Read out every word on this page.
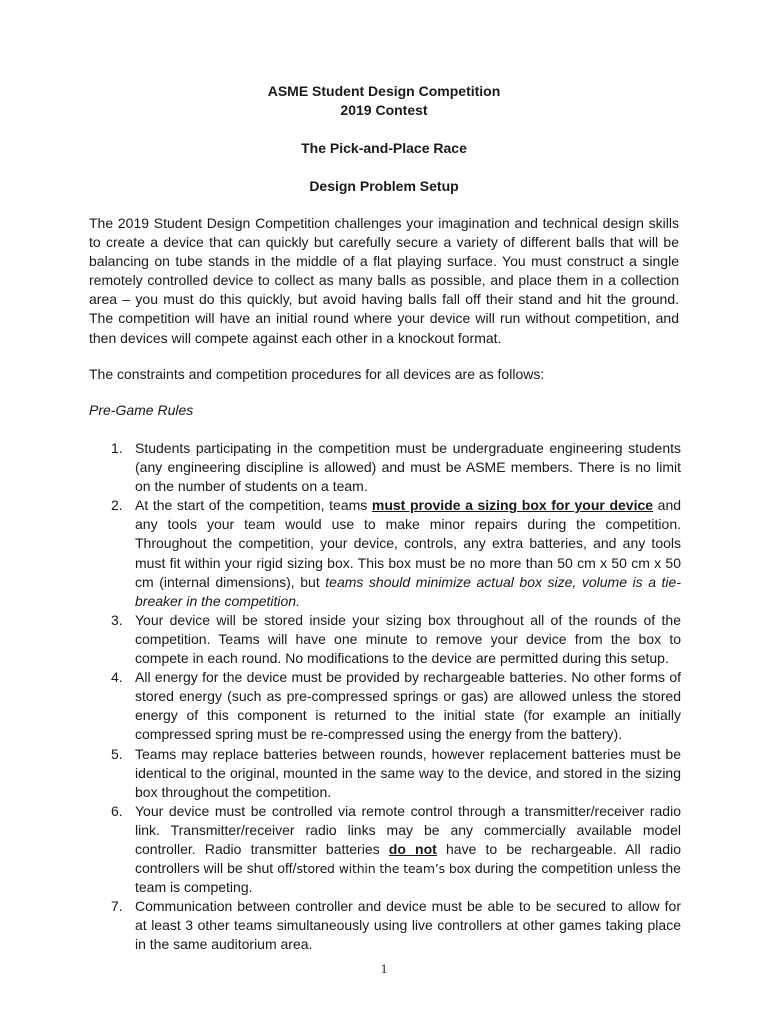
ASME Student Design Competition
2019 Contest
The Pick-and-Place Race
Design Problem Setup

The 2019 Student Design Competition challenges your imagination and technical design skills to create a device that can quickly but carefully secure a variety of different balls that will be balancing on tube stands in the middle of a flat playing surface. You must construct a single remotely controlled device to collect as many balls as possible, and place them in a collection area – you must do this quickly, but avoid having balls fall off their stand and hit the ground. The competition will have an initial round where your device will run without competition, and then devices will compete against each other in a knockout format.

The constraints and competition procedures for all devices are as follows:

Pre-Game Rules
1. Students participating in the competition must be undergraduate engineering students (any engineering discipline is allowed) and must be ASME members. There is no limit on the number of students on a team.
2. At the start of the competition, teams must provide a sizing box for your device and any tools your team would use to make minor repairs during the competition. Throughout the competition, your device, controls, any extra batteries, and any tools must fit within your rigid sizing box. This box must be no more than 50 cm x 50 cm x 50 cm (internal dimensions), but teams should minimize actual box size, volume is a tie-breaker in the competition.
3. Your device will be stored inside your sizing box throughout all of the rounds of the competition. Teams will have one minute to remove your device from the box to compete in each round. No modifications to the device are permitted during this setup.
4. All energy for the device must be provided by rechargeable batteries. No other forms of stored energy (such as pre-compressed springs or gas) are allowed unless the stored energy of this component is returned to the initial state (for example an initially compressed spring must be re-compressed using the energy from the battery).
5. Teams may replace batteries between rounds, however replacement batteries must be identical to the original, mounted in the same way to the device, and stored in the sizing box throughout the competition.
6. Your device must be controlled via remote control through a transmitter/receiver radio link. Transmitter/receiver radio links may be any commercially available model controller. Radio transmitter batteries do not have to be rechargeable. All radio controllers will be shut off/stored within the team’s box during the competition unless the team is competing.
7. Communication between controller and device must be able to be secured to allow for at least 3 other teams simultaneously using live controllers at other games taking place in the same auditorium area.
1
